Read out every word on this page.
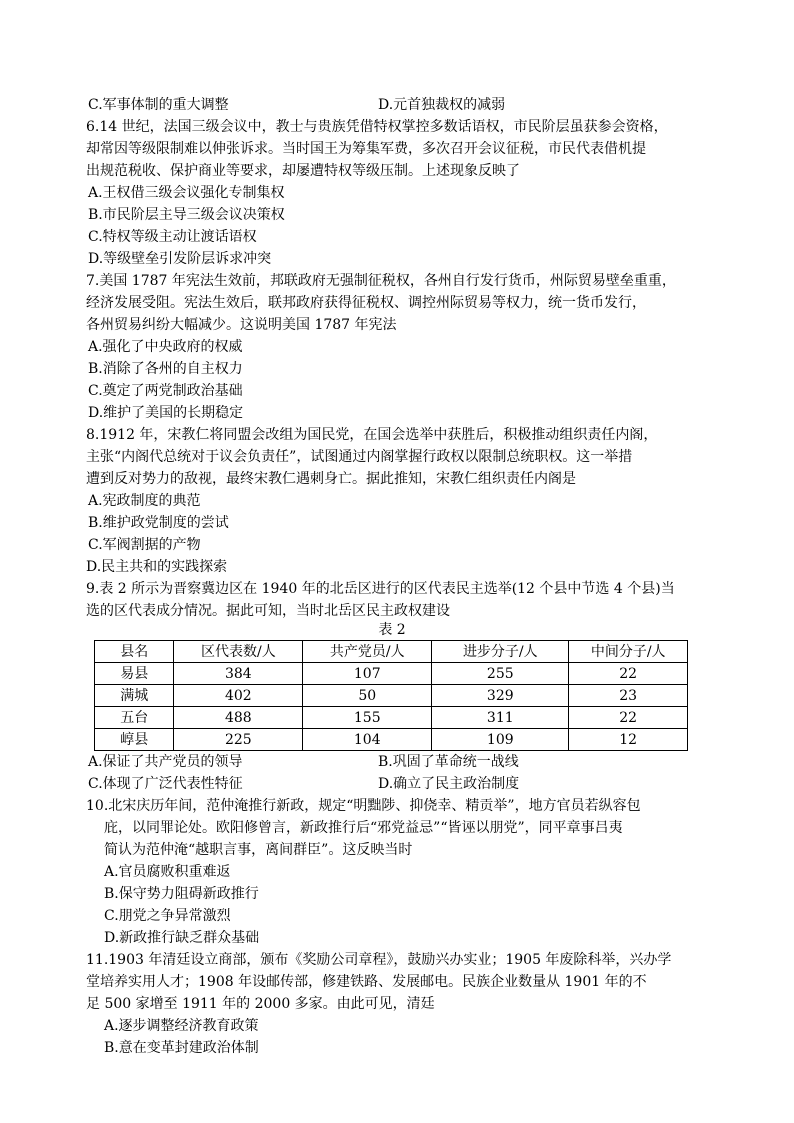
C.军事体制的重大调整	D.元首独裁权的减弱
6.14 世纪，法国三级会议中，教士与贵族凭借特权掌控多数话语权，市民阶层虽获参会资格，
却常因等级限制难以伸张诉求。当时国王为筹集军费，多次召开会议征税，市民代表借机提
出规范税收、保护商业等要求，却屡遭特权等级压制。上述现象反映了
A.王权借三级会议强化专制集权
B.市民阶层主导三级会议决策权
C.特权等级主动让渡话语权
D.等级壁垒引发阶层诉求冲突
7.美国 1787 年宪法生效前，邦联政府无强制征税权，各州自行发行货币，州际贸易壁垒重重，
经济发展受阻。宪法生效后，联邦政府获得征税权、调控州际贸易等权力，统一货币发行，
各州贸易纠纷大幅减少。这说明美国 1787 年宪法
A.强化了中央政府的权威
B.消除了各州的自主权力
C.奠定了两党制政治基础
D.维护了美国的长期稳定
8.1912 年，宋教仁将同盟会改组为国民党，在国会选举中获胜后，积极推动组织责任内阁，
主张“内阁代总统对于议会负责任”，试图通过内阁掌握行政权以限制总统职权。这一举措
遭到反对势力的敌视，最终宋教仁遇刺身亡。据此推知，宋教仁组织责任内阁是
A.宪政制度的典范
B.维护政党制度的尝试
C.军阀割据的产物
D.民主共和的实践探索
9.表 2 所示为晋察冀边区在 1940 年的北岳区进行的区代表民主选举(12 个县中节选 4 个县)当
选的区代表成分情况。据此可知，当时北岳区民主政权建设
表 2
县名	区代表数/人	共产党员/人	进步分子/人	中间分子/人
易县	384	107	255	22
满城	402	50	329	23
五台	488	155	311	22
崞县	225	104	109	12
A.保证了共产党员的领导	B.巩固了革命统一战线
C.体现了广泛代表性特征	D.确立了民主政治制度
10.北宋庆历年间，范仲淹推行新政，规定“明黜陟、抑侥幸、精贡举”，地方官员若纵容包
庇，以同罪论处。欧阳修曾言，新政推行后“邪党益忌”“皆诬以朋党”，同平章事吕夷
简认为范仲淹“越职言事，离间群臣”。这反映当时
A.官员腐败积重难返
B.保守势力阻碍新政推行
C.朋党之争异常激烈
D.新政推行缺乏群众基础
11.1903 年清廷设立商部，颁布《奖励公司章程》，鼓励兴办实业；1905 年废除科举，兴办学
堂培养实用人才；1908 年设邮传部，修建铁路、发展邮电。民族企业数量从 1901 年的不
足 500 家增至 1911 年的 2000 多家。由此可见，清廷
A.逐步调整经济教育政策
B.意在变革封建政治体制
